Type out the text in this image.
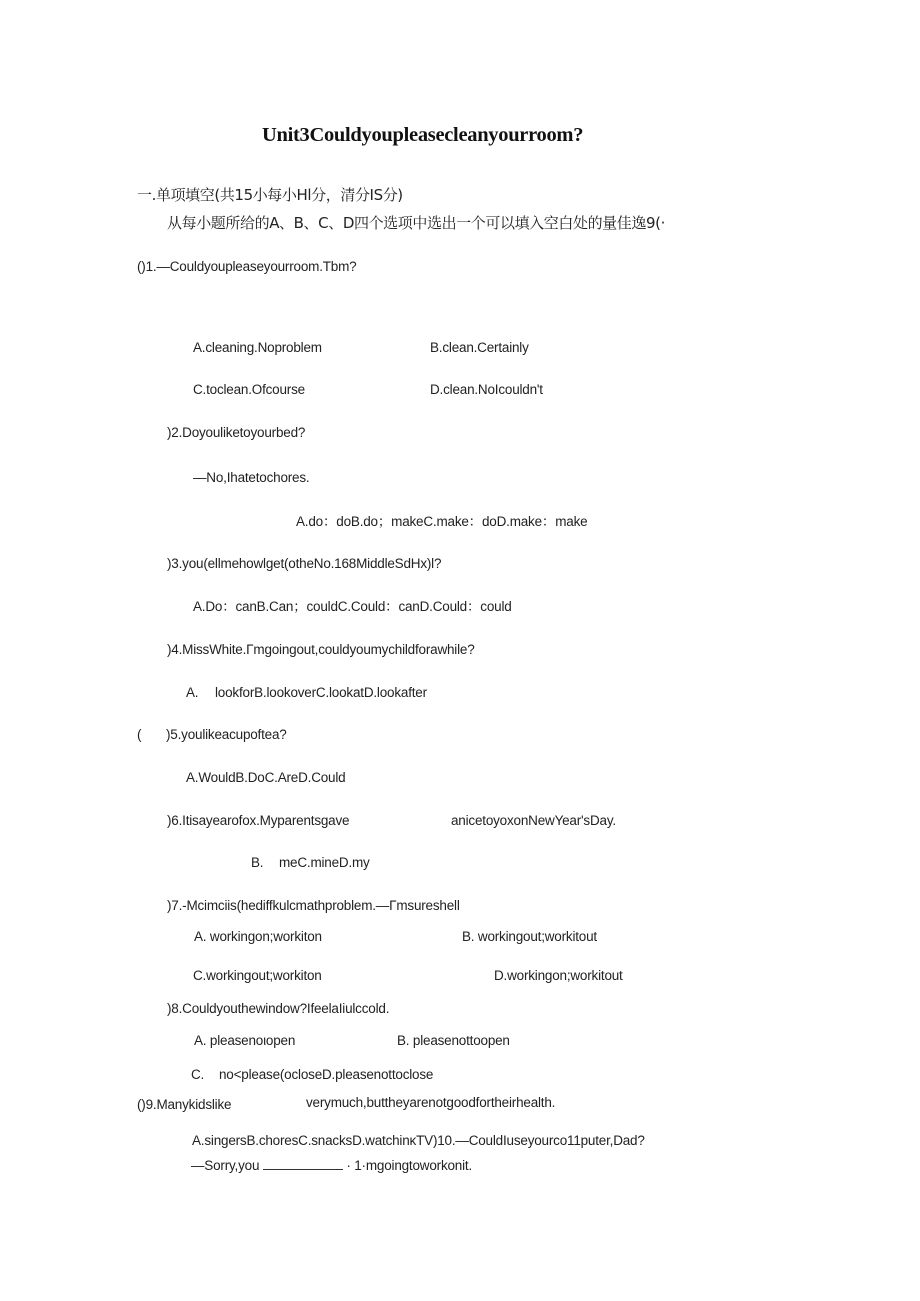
Unit3Couldyoupleasecleanyourroom?
一.单项填空(共15小每小Hl分，清分IS分)
从每小题所给的A、B、C、D四个选项中选出一个可以填入空白处的量佳逸9(·
()1.—Couldyoupleaseyourroom.Tbm?
A.cleaning.Noproblem	B.clean.Certainly
C.toclean.Ofcourse	D.clean.NoIcouldn't
)2.Doyouliketoyourbed?
—No,Ihatetochores.
A.do：doB.do；makeC.make：doD.make：make
)3.you(ellmehowlget(otheNo.168MiddleSdHx)l?
A.Do：canB.Can；couldC.Could：canD.Could：could
)4.MissWhite.Γmgoingout,couldyoumychildforawhile?
A. lookforB.lookoverC.lookatD.lookafter
( )5.youlikeacupoftea?
A.WouldB.DoC.AreD.Could
)6.Itisayearofox.Myparentsgave	anicetoyoxonNewYear'sDay.
B. meC.mineD.my
)7.-Mcimciis(hediffkulcmathproblem.—Γmsureshell
A. workingon;workiton	B. workingout;workitout
C.workingout;workiton	D.workingon;workitout
)8.Couldyouthewindow?IfeelaIiulccold.
A. pleasenoιopen	B. pleasenottoopen
C. no<please(ocloseD.pleasenottoclose
()9.Manykidslike	verymuch,buttheyarenotgoodfortheirhealth.
A.singersB.choresC.snacksD.watchinκTV)10.—CouldIuseyourco11puter,Dad?
—Sorry,you	· 1·mgoingtoworkonit.
